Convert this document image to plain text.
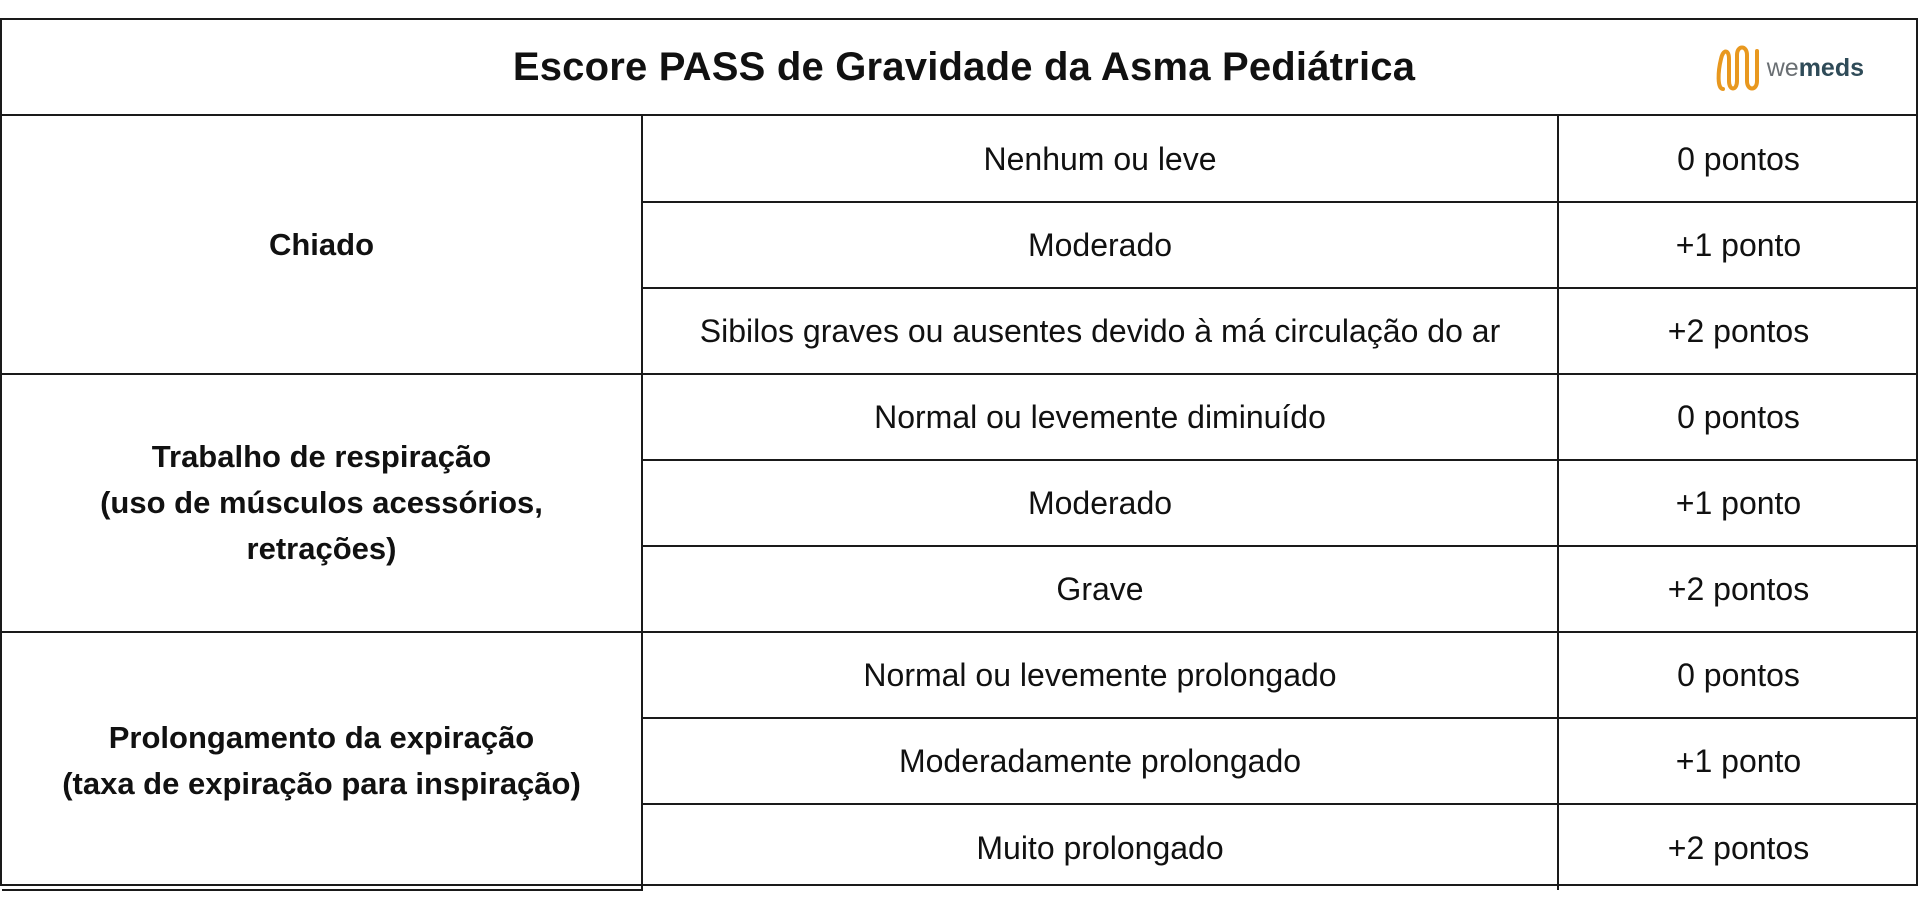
Escore PASS de Gravidade da Asma Pediátrica	wemeds
Chiado	Nenhum ou leve	0 pontos
	Moderado	+1 ponto
	Sibilos graves ou ausentes devido à má circulação do ar	+2 pontos

Trabalho de respiração
(uso de músculos acessórios,
retrações)	Normal ou levemente diminuído	0 pontos
	Moderado	+1 ponto
	Grave	+2 pontos

Prolongamento da expiração
(taxa de expiração para inspiração)	Normal ou levemente prolongado	0 pontos
	Moderadamente prolongado	+1 ponto
	Muito prolongado	+2 pontos
